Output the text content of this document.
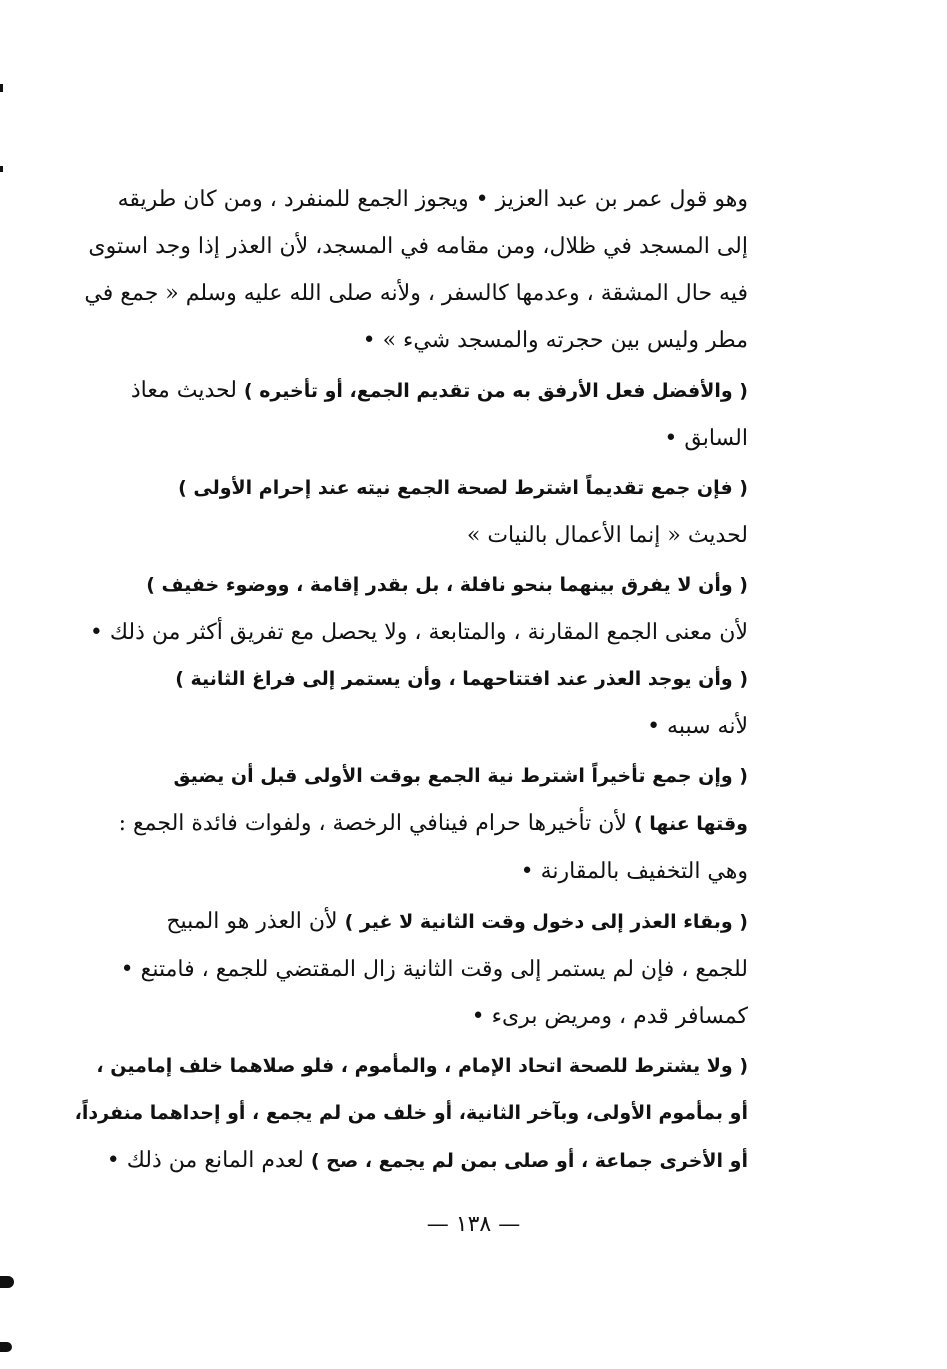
وهو قول عمر بن عبد العزيز • ويجوز الجمع للمنفرد ، ومن كان طريقه
إلى المسجد في ظلال، ومن مقامه في المسجد، لأن العذر إذا وجد استوى
فيه حال المشقة ، وعدمها كالسفر ، ولأنه صلى الله عليه وسلم « جمع في
مطر وليس بين حجرته والمسجد شيء » •

( والأفضل فعل الأرفق به من تقديم الجمع، أو تأخيره ) لحديث معاذ
السابق •

( فإن جمع تقديماً اشترط لصحة الجمع نيته عند إحرام الأولى )
لحديث « إنما الأعمال بالنيات »

( وأن لا يفرق بينهما بنحو نافلة ، بل بقدر إقامة ، ووضوء خفيف )
لأن معنى الجمع المقارنة ، والمتابعة ، ولا يحصل مع تفريق أكثر من ذلك •
( وأن يوجد العذر عند افتتاحهما ، وأن يستمر إلى فراغ الثانية )
لأنه سببه •

( وإن جمع تأخيراً اشترط نية الجمع بوقت الأولى قبل أن يضيق
وقتها عنها ) لأن تأخيرها حرام فينافي الرخصة ، ولفوات فائدة الجمع :
وهي التخفيف بالمقارنة •

( وبقاء العذر إلى دخول وقت الثانية لا غير ) لأن العذر هو المبيح
للجمع ، فإن لم يستمر إلى وقت الثانية زال المقتضي للجمع ، فامتنع •
كمسافر قدم ، ومريض برىء •

( ولا يشترط للصحة اتحاد الإمام ، والمأموم ، فلو صلاهما خلف إمامين ،
أو بمأموم الأولى، وبآخر الثانية، أو خلف من لم يجمع ، أو إحداهما منفرداً،
أو الأخرى جماعة ، أو صلى بمن لم يجمع ، صح ) لعدم المانع من ذلك •

— ١٣٨ —
